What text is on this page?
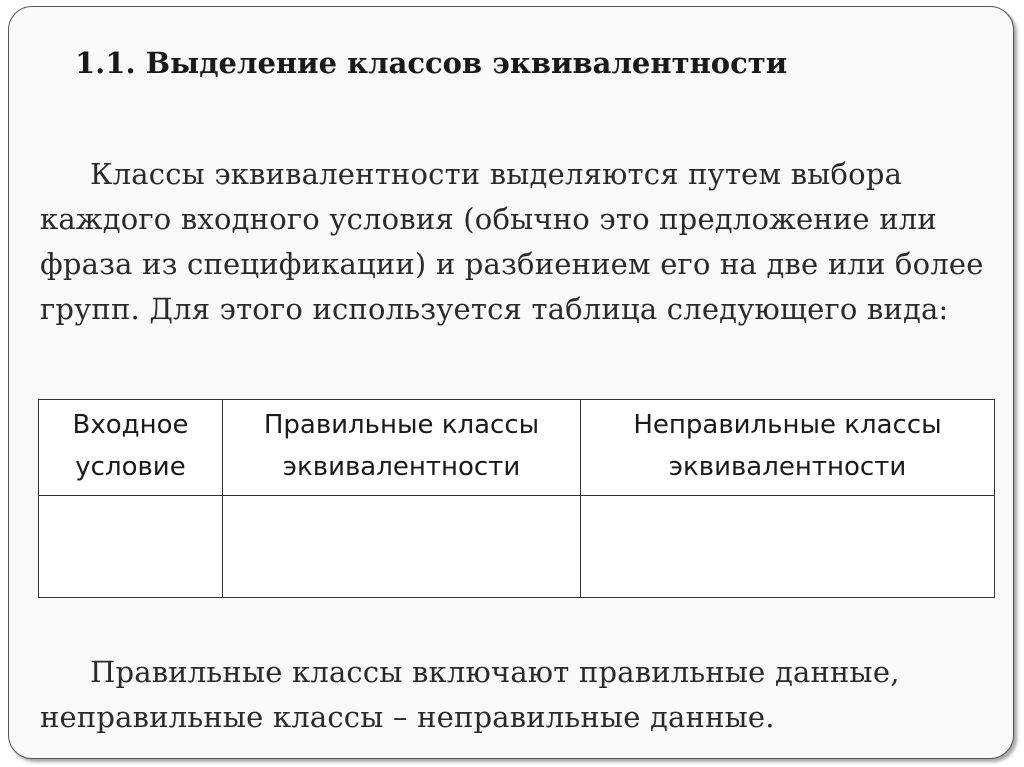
1.1. Выделение классов эквивалентности

Классы эквивалентности выделяются путем выбора каждого входного условия (обычно это предложение или фраза из спецификации) и разбиением его на две или более групп. Для этого используется таблица следующего вида:

Входное условие	Правильные классы эквивалентности	Неправильные классы эквивалентности

Правильные классы включают правильные данные, неправильные классы – неправильные данные.
